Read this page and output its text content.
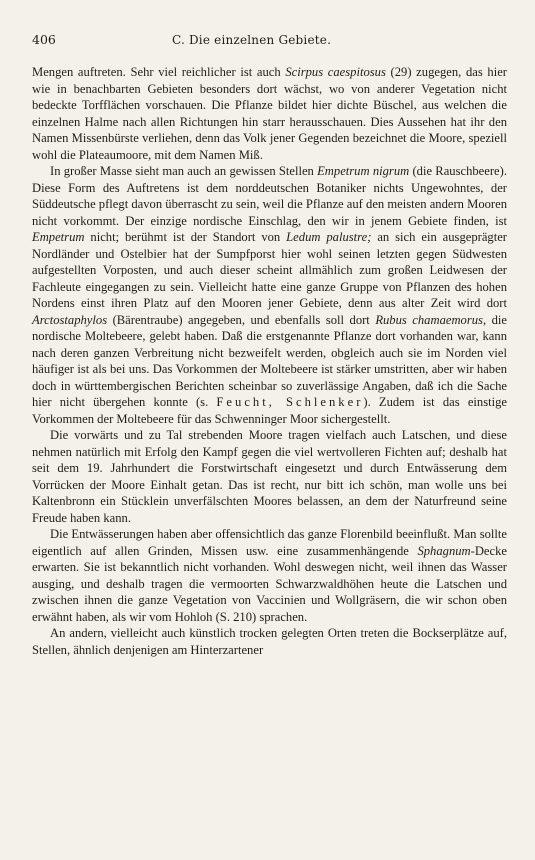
406	C. Die einzelnen Gebiete.

Mengen auftreten. Sehr viel reichlicher ist auch Scirpus caespitosus (29) zugegen, das hier wie in benachbarten Gebieten besonders dort wächst, wo von anderer Vegetation nicht bedeckte Torfflächen vorschauen. Die Pflanze bildet hier dichte Büschel, aus welchen die einzelnen Halme nach allen Richtungen hin starr herausschauen. Dies Aussehen hat ihr den Namen Missenbürste verliehen, denn das Volk jener Gegenden bezeichnet die Moore, speziell wohl die Plateaumoore, mit dem Namen Miß.

In großer Masse sieht man auch an gewissen Stellen Empetrum nigrum (die Rauschbeere). Diese Form des Auftretens ist dem norddeutschen Botaniker nichts Ungewohntes, der Süddeutsche pflegt davon überrascht zu sein, weil die Pflanze auf den meisten andern Mooren nicht vorkommt. Der einzige nordische Einschlag, den wir in jenem Gebiete finden, ist Empetrum nicht; berühmt ist der Standort von Ledum palustre; an sich ein ausgeprägter Nordländer und Ostelbier hat der Sumpfporst hier wohl seinen letzten gegen Südwesten aufgestellten Vorposten, und auch dieser scheint allmählich zum großen Leidwesen der Fachleute eingegangen zu sein. Vielleicht hatte eine ganze Gruppe von Pflanzen des hohen Nordens einst ihren Platz auf den Mooren jener Gebiete, denn aus alter Zeit wird dort Arctostaphylos (Bärentraube) angegeben, und ebenfalls soll dort Rubus chamaemorus, die nordische Moltebeere, gelebt haben. Daß die erstgenannte Pflanze dort vorhanden war, kann nach deren ganzen Verbreitung nicht bezweifelt werden, obgleich auch sie im Norden viel häufiger ist als bei uns. Das Vorkommen der Moltebeere ist stärker umstritten, aber wir haben doch in württembergischen Berichten scheinbar so zuverlässige Angaben, daß ich die Sache hier nicht übergehen konnte (s. Feucht, Schlenker). Zudem ist das einstige Vorkommen der Moltebeere für das Schwenninger Moor sichergestellt.

Die vorwärts und zu Tal strebenden Moore tragen vielfach auch Latschen, und diese nehmen natürlich mit Erfolg den Kampf gegen die viel wertvolleren Fichten auf; deshalb hat seit dem 19. Jahrhundert die Forstwirtschaft eingesetzt und durch Entwässerung dem Vorrücken der Moore Einhalt getan. Das ist recht, nur bitt ich schön, man wolle uns bei Kaltenbronn ein Stücklein unverfälschten Moores belassen, an dem der Naturfreund seine Freude haben kann.

Die Entwässerungen haben aber offensichtlich das ganze Florenbild beeinflußt. Man sollte eigentlich auf allen Grinden, Missen usw. eine zusammenhängende Sphagnum-Decke erwarten. Sie ist bekanntlich nicht vorhanden. Wohl deswegen nicht, weil ihnen das Wasser ausging, und deshalb tragen die vermoorten Schwarzwaldhöhen heute die Latschen und zwischen ihnen die ganze Vegetation von Vaccinien und Wollgräsern, die wir schon oben erwähnt haben, als wir vom Hohloh (S. 210) sprachen.

An andern, vielleicht auch künstlich trocken gelegten Orten treten die Bockserplätze auf, Stellen, ähnlich denjenigen am Hinterzartener
